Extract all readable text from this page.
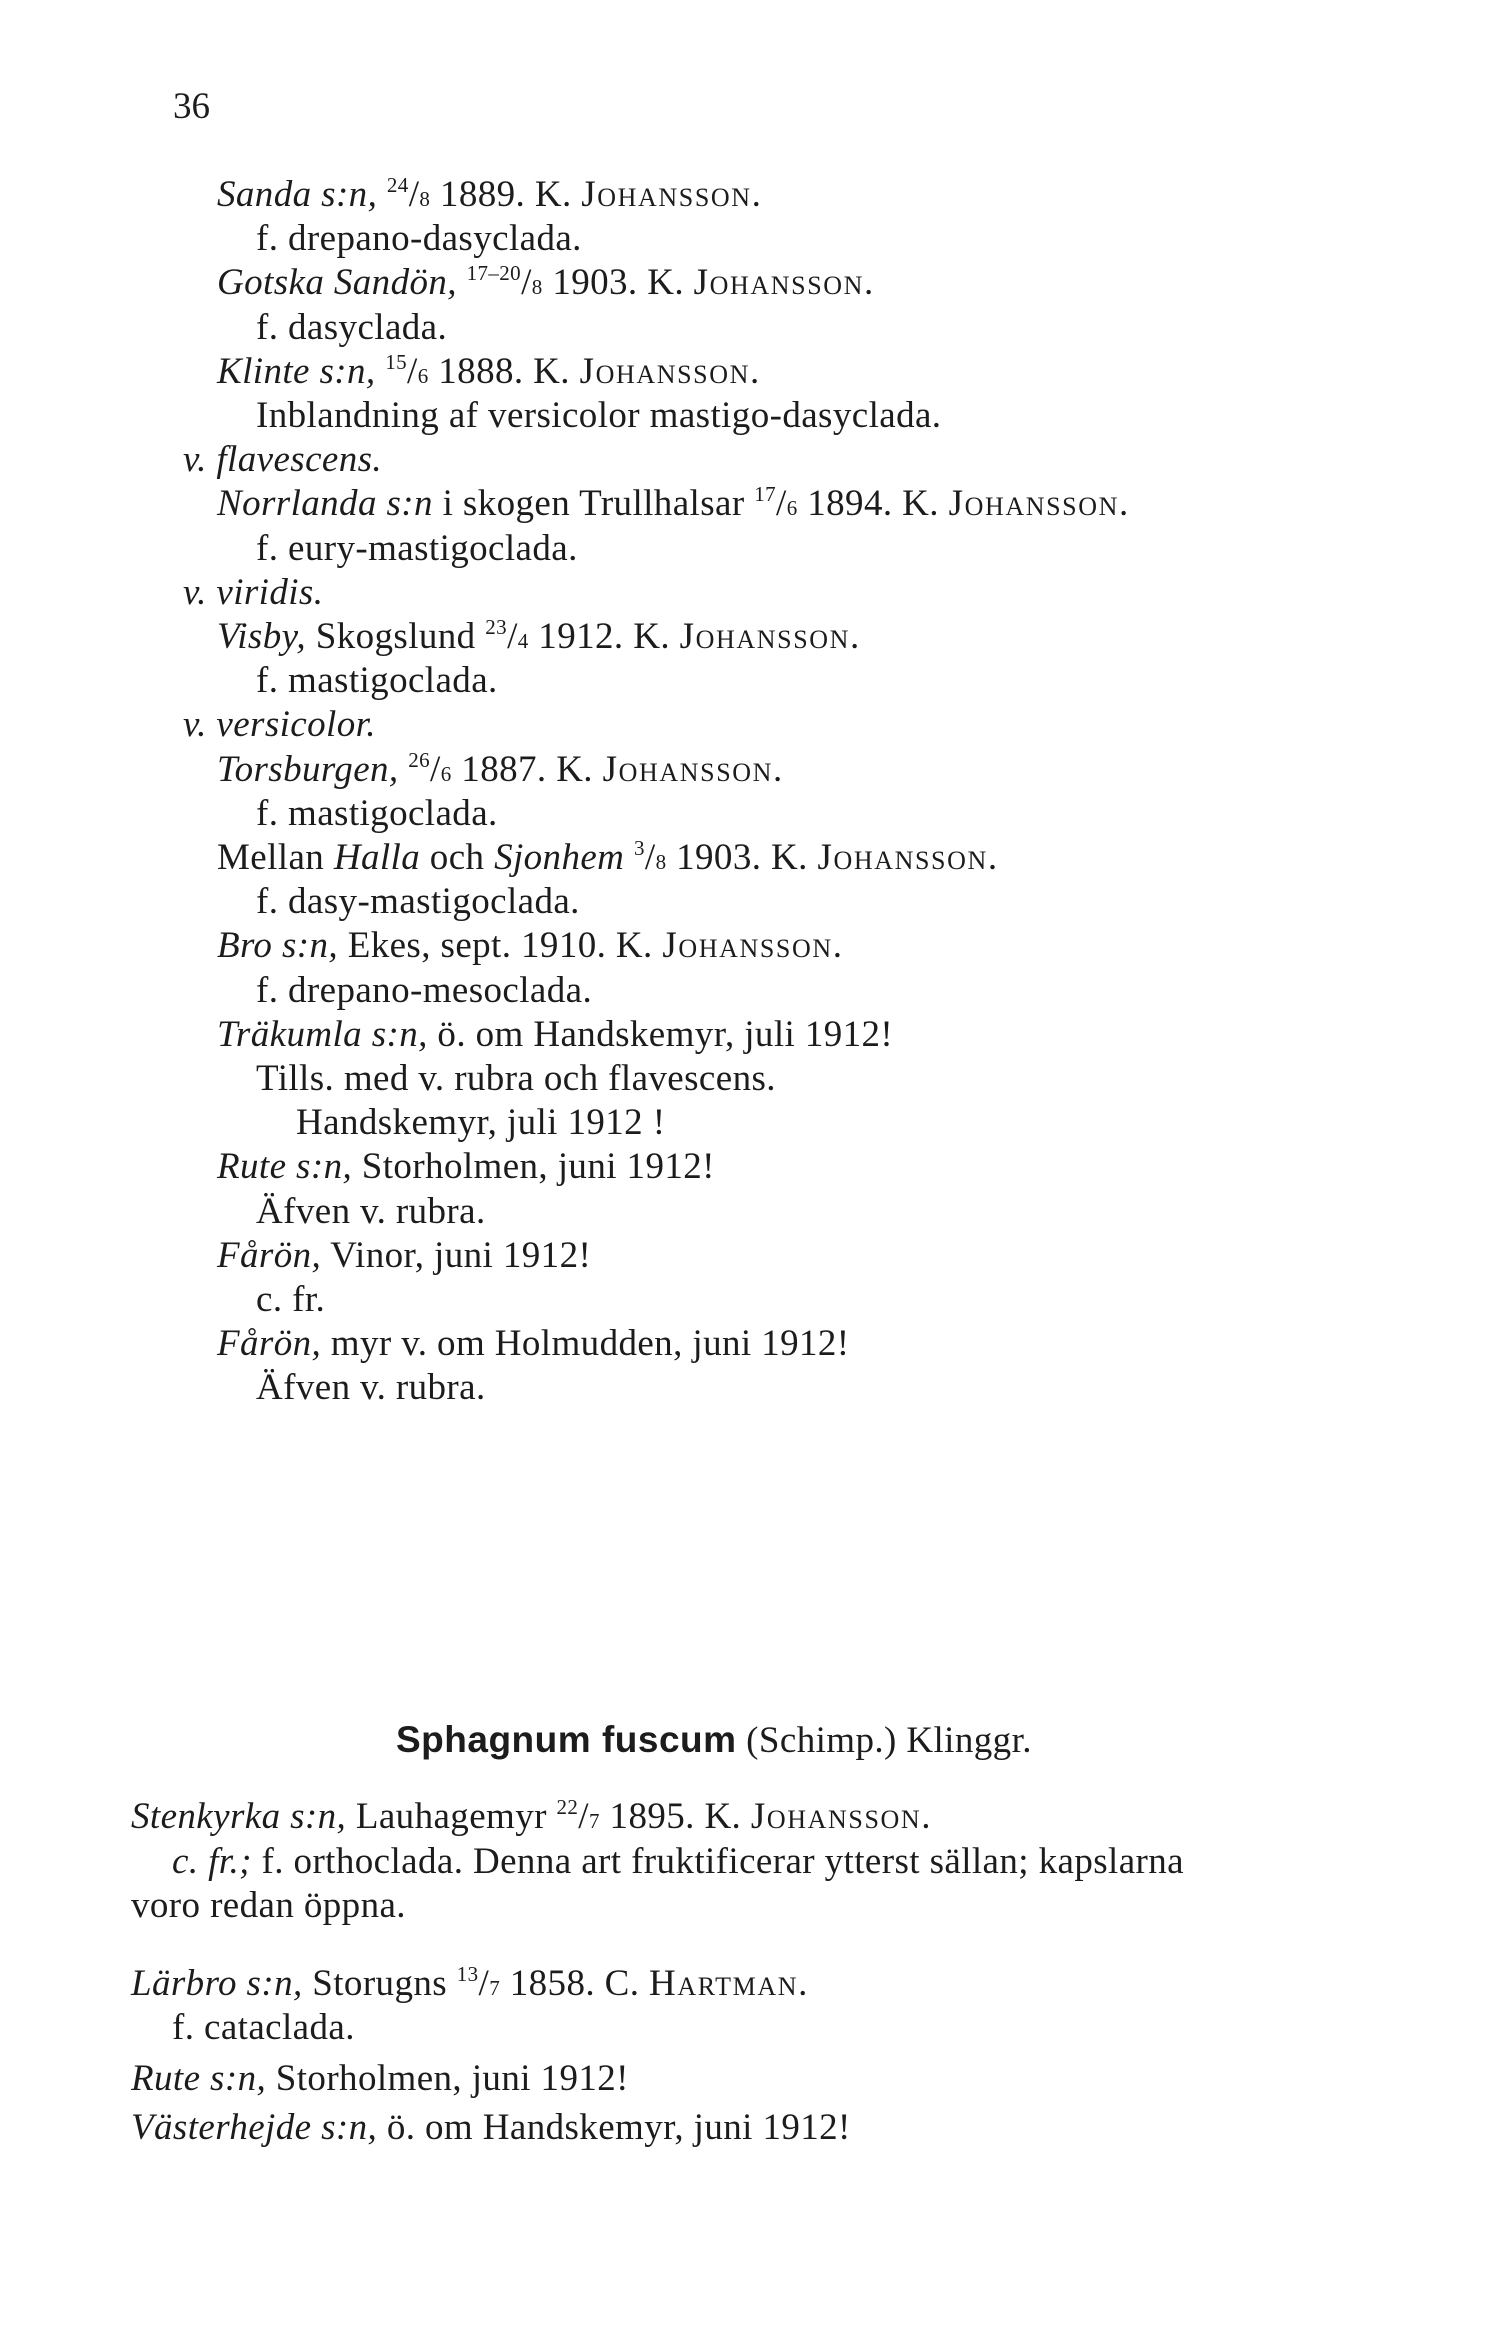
36
Sanda s:n, $^{24}$/8 1889. K. Johansson.
f. drepano-dasyclada.
Gotska Sandön, $^{17-20}$/8 1903. K. Johansson.
f. dasyclada.
Klinte s:n, $^{15}$/6 1888. K. Johansson.
Inblandning af versicolor mastigo-dasyclada.
v. flavescens.
Norrlanda s:n i skogen Trullhalsar $^{17}$/6 1894. K. Johansson.
f. eury-mastigoclada.
v. viridis.
Visby, Skogslund $^{23}$/4 1912. K. Johansson.
f. mastigoclada.
v. versicolor.
Torsburgen, $^{26}$/6 1887. K. Johansson.
f. mastigoclada.
Mellan Halla och Sjonhem $^3$/8 1903. K. Johansson.
f. dasy-mastigoclada.
Bro s:n, Ekes, sept. 1910. K. Johansson.
f. drepano-mesoclada.
Träkumla s:n, ö. om Handskemyr, juli 1912!
Tills. med v. rubra och flavescens.
Handskemyr, juli 1912 !
Rute s:n, Storholmen, juni 1912!
Äfven v. rubra.
Fårön, Vinor, juni 1912!
c. fr.
Fårön, myr v. om Holmudden, juni 1912!
Äfven v. rubra.
Sphagnum fuscum (Schimp.) Klinggr.
Stenkyrka s:n, Lauhagemyr $^{22}$/7 1895. K. Johansson.
c. fr.; f. orthoclada. Denna art fruktificerar ytterst sällan; kapslarna
voro redan öppna.
Lärbro s:n, Storugns $^{13}$/7 1858. C. Hartman.
f. cataclada.
Rute s:n, Storholmen, juni 1912!
Västerhejde s:n, ö. om Handskemyr, juni 1912!
